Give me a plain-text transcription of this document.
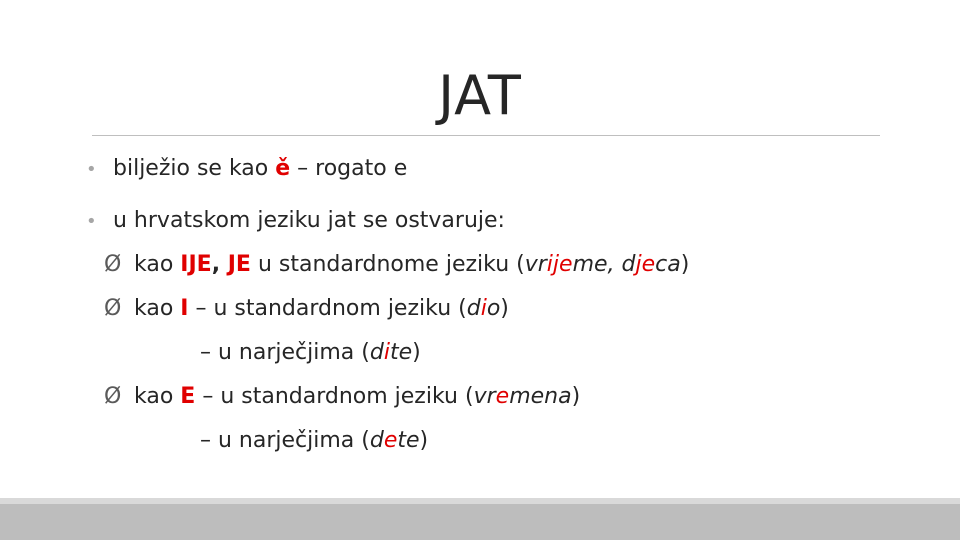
JAT
• bilježio se kao ě – rogato e
• u hrvatskom jeziku jat se ostvaruje:
Ø kao IJE, JE u standardnome jeziku (vrijeme, djeca)
Ø kao I – u standardnom jeziku (dio)
– u narječjima (dite)
Ø kao E – u standardnom jeziku (vremena)
– u narječjima (dete)
